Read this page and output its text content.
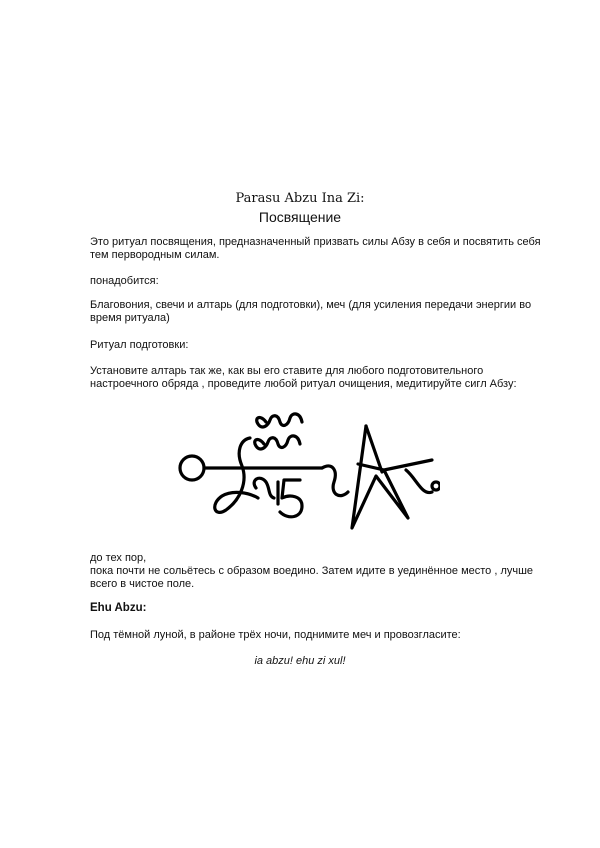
Parasu Abzu Ina Zi:
Посвящение
Это ритуал посвящения, предназначенный призвать силы Абзу в себя и посвятить себя
тем первородным силам.
понадобится:
Благовония, свечи и алтарь (для подготовки), меч (для усиления передачи энергии во
время ритуала)
Ритуал подготовки:
Установите алтарь так же, как вы его ставите для любого подготовительного
настроечного обряда , проведите любой ритуал очищения, медитируйте сигл Абзу:
до тех пор,
пока почти не сольётесь с образом воедино. Затем идите в уединённое место , лучше
всего в чистое поле.
Ehu Abzu:
Под тёмной луной, в районе трёх ночи, поднимите меч и провозгласите:
ia abzu! ehu zi xul!
